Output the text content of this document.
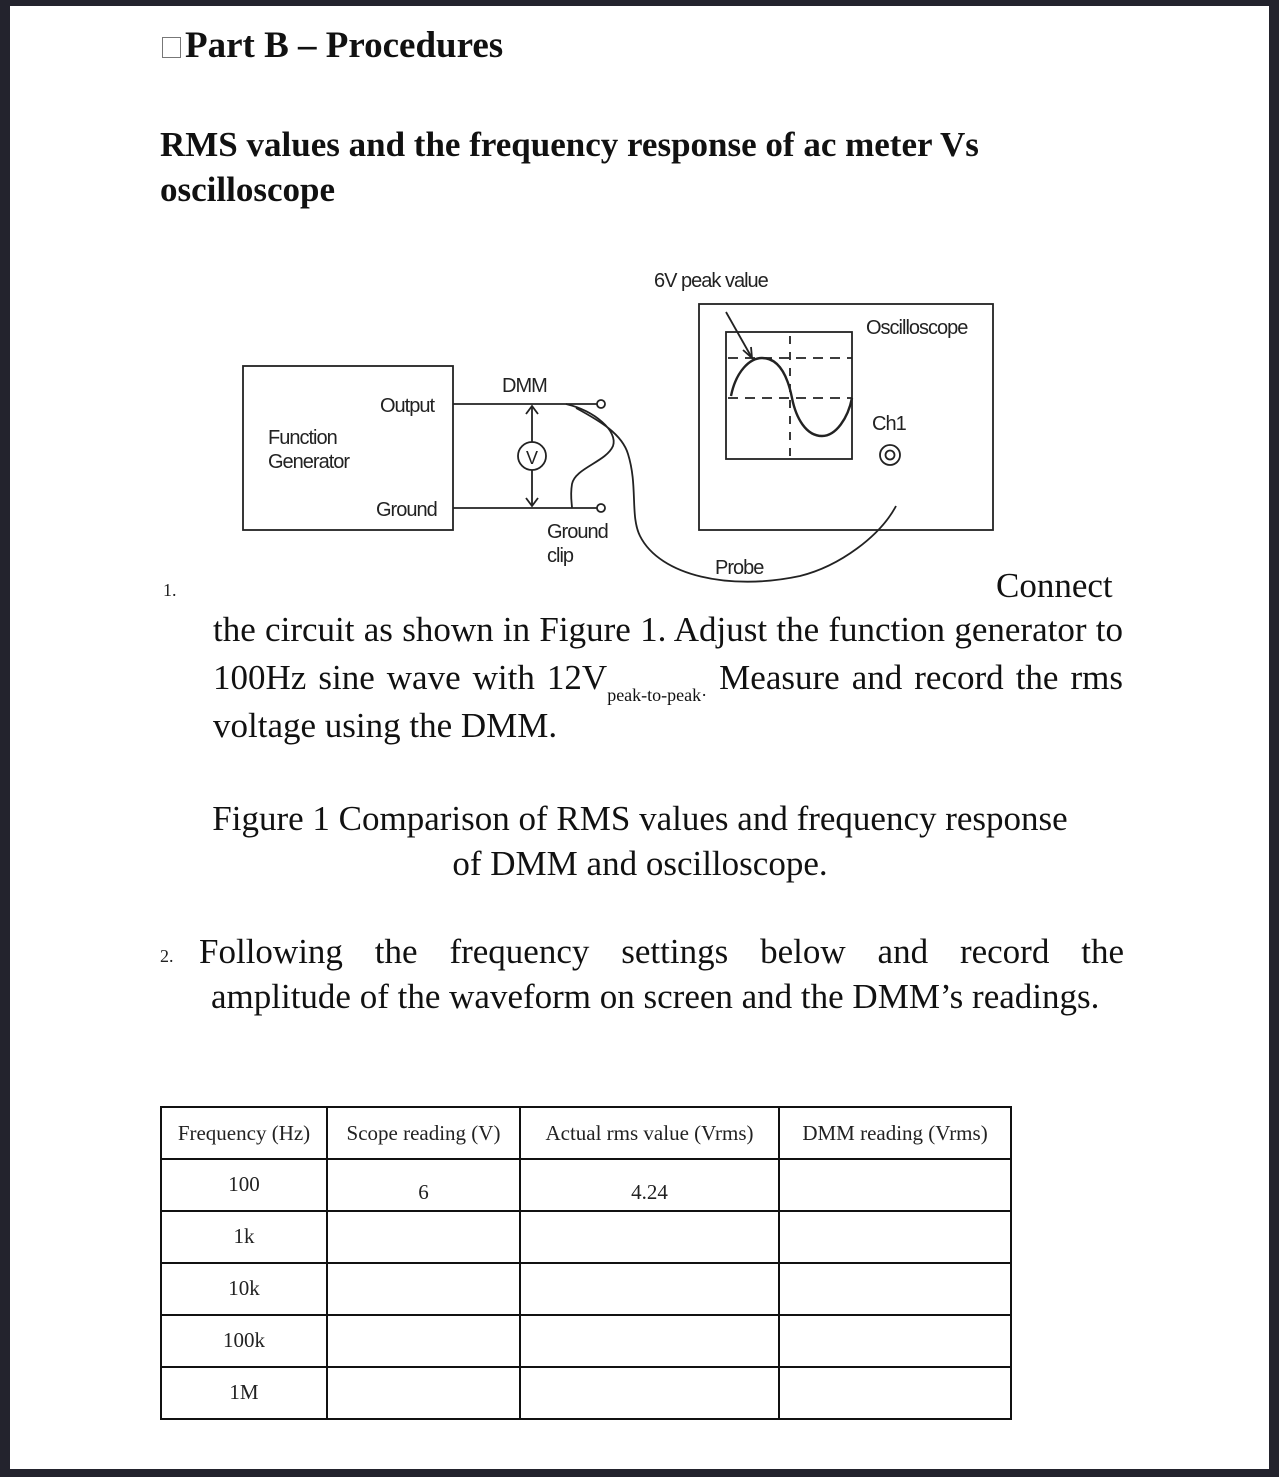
Part B – Procedures
RMS values and the frequency response of ac meter Vs oscilloscope
6V peak value
Oscilloscope
Ch1
DMM
Output
Function
Generator
Ground
V
Ground
clip
Probe
1.	Connect
the circuit as shown in Figure 1. Adjust the function generator to 100Hz sine wave with $12V_{peak-to-peak\cdot}$ Measure and record the rms voltage using the DMM.
Figure 1 Comparison of RMS values and frequency response
of DMM and oscilloscope.
2. Following the frequency settings below and record the
amplitude of the waveform on screen and the DMM’s readings.
Frequency (Hz)	Scope reading (V)	Actual rms value (Vrms)	DMM reading (Vrms)
100	6	4.24	
1k			
10k			
100k			
1M			
